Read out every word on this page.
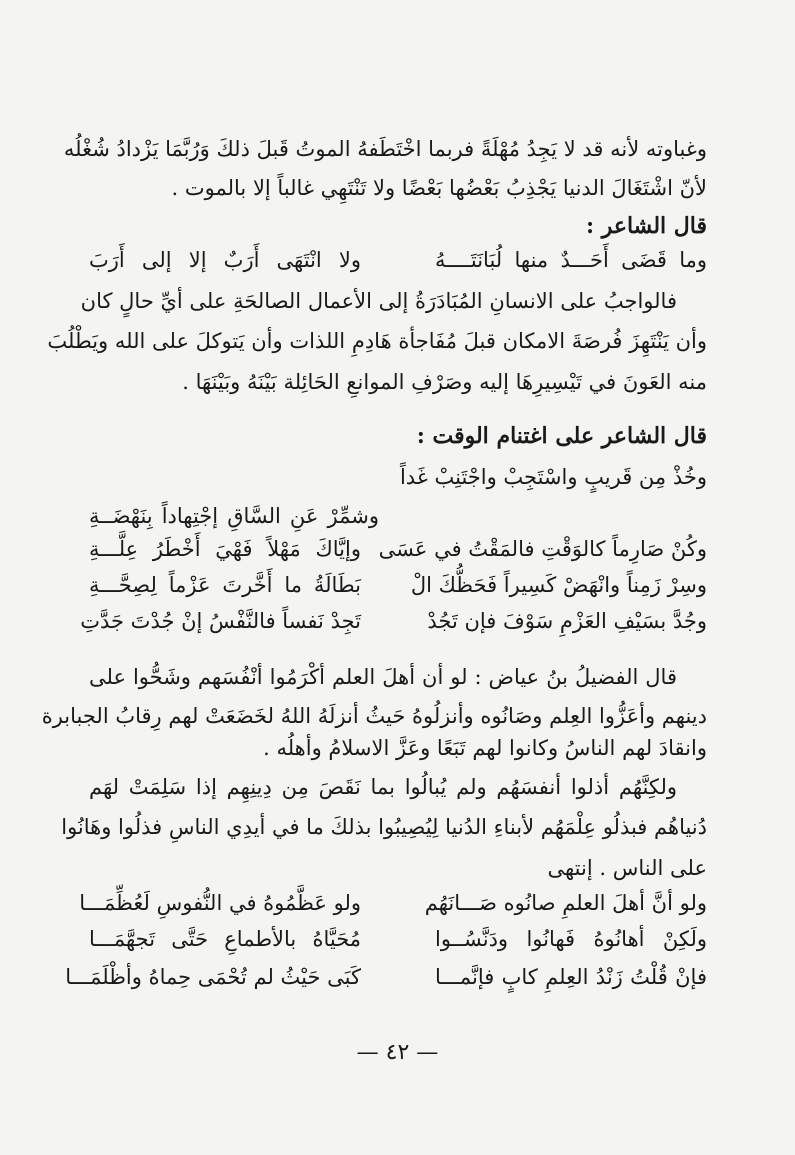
وغباوته لأنه قد لا يَجِدُ مُهْلَةً فربما اخْتَطَفهُ الموتُ قَبلَ ذلكَ وَرُبَّمَا يَزْدادُ شُغْلُه
لأنّ اشْتَغَالَ الدنيا يَجْذِبُ بَعْضُها بَعْضًا ولا تَنْتَهِي غالباً إلا بالموت .
قال الشاعر :
وما قَضَى أَحَـــدٌ منها لُبَانَتَــــهُ
ولا انْتَهَى أَرَبٌ إلا إلى أَرَبَ
فالواجبُ على الانسانِ المُبَادَرَةُ إلى الأعمال الصالحَةِ على أيِّ حالٍ كان
وأن يَنْتَهِزَ فُرصَةَ الامكان قبلَ مُفَاجأة هَادِمِ اللذات وأن يَتوكلَ على الله ويَطْلُبَ
منه العَونَ في تَيْسِيرِهَا إليه وصَرْفِ الموانعِ الحَائِلة بَيْنَهُ وبَيْنَهَا .
قال الشاعر على اغتنام الوقت :
وخُذْ مِن قَريبٍ واسْتَجِبْ واجْتَنِبْ غَداً
وشمِّرْ عَنِ السَّاقِ إجْتِهاداً بِنَهْضَــةِ
وكُنْ صَارِماً كالوَقْتِ فالمَقْتُ في عَسَى
وإيَّاكَ مَهْلاً فَهْيَ أَخْطَرُ عِلَّـــةِ
وسِرْ زَمِناً وانْهَضْ كَسِيراً فَحَظُّكَ الْ
بَطَالَةُ ما أَخَّرتَ عَزْماً لِصِحَّـــةِ
وجُدَّ بسَيْفِ العَزْمِ سَوْفَ فإن تَجُدْ
تَجِدْ نَفساً فالنَّفْسُ إنْ جُدْتَ جَدَّتِ
قال الفضيلُ بنُ عياض : لو أن أهلَ العلم أكْرَمُوا أنْفُسَهم وشَحُّوا على
دينهم وأعَزُّوا العِلم وصَانُوه وأنزلُوهُ حَيثُ أنزلَهُ اللهُ لخَضَعَتْ لهم رِقابُ الجبابرة
وانقادَ لهم الناسُ وكانوا لهم تَبَعًا وعَزَّ الاسلامُ وأهلُه .
ولكِنَّهُم أذلوا أنفسَهُم ولم يُبالُوا بما نَقَصَ مِن دِينِهِم إذا سَلِمَتْ لهَم
دُنياهُم فبذلُو عِلْمَهُم لأبناءِ الدُنيا لِيُصِيبُوا بذلكَ ما في أيدِي الناسِ فذلُوا وهَانُوا
على الناس . إنتهى
ولو أنَّ أهلَ العلمِ صانُوه صَـــانَهُم
ولو عَظَّمُوهُ في النُّفوسِ لَعُظِّمَـــا
ولَكِنْ أهانُوهُ فَهانُوا ودَنَّسُــوا
مُحَيَّاهُ بالأطماعِ حَتَّى تَجهَّمَـــا
فإنْ قُلْتُ زَنْدُ العِلمِ كابٍ فإنَّمـــا
كَبَى حَيْثُ لم تُحْمَى حِماهُ وأظْلَمَـــا
— ٤٢ —
